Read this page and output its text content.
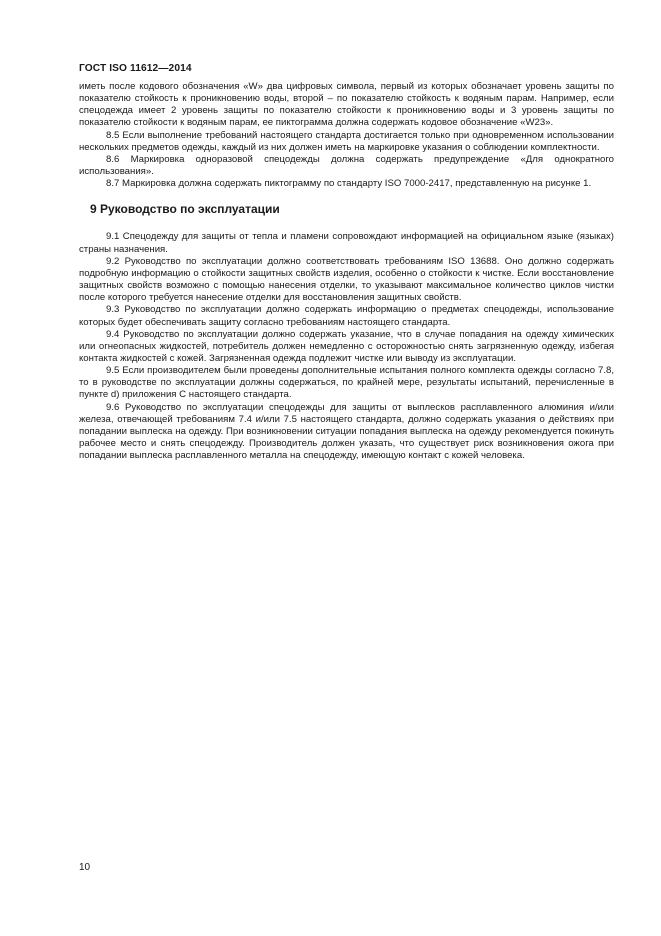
ГОСТ ISO 11612—2014

иметь после кодового обозначения «W» два цифровых символа, первый из которых обозначает уровень защиты по показателю стойкость к проникновению воды, второй – по показателю стойкость к водяным парам. Например, если спецодежда имеет 2 уровень защиты по показателю стойкости к проникновению воды и 3 уровень защиты по показателю стойкости к водяным парам, ее пиктограмма должна содержать кодовое обозначение «W23».

8.5 Если выполнение требований настоящего стандарта достигается только при одновременном использовании нескольких предметов одежды, каждый из них должен иметь на маркировке указания о соблюдении комплектности.

8.6 Маркировка одноразовой спецодежды должна содержать предупреждение «Для однократного использования».

8.7 Маркировка должна содержать пиктограмму по стандарту ISO 7000-2417, представленную на рисунке 1.

9 Руководство по эксплуатации

9.1 Спецодежду для защиты от тепла и пламени сопровождают информацией на официальном языке (языках) страны назначения.

9.2 Руководство по эксплуатации должно соответствовать требованиям ISO 13688. Оно должно содержать подробную информацию о стойкости защитных свойств изделия, особенно о стойкости к чистке. Если восстановление защитных свойств возможно с помощью нанесения отделки, то указывают максимальное количество циклов чистки после которого требуется нанесение отделки для восстановления защитных свойств.

9.3 Руководство по эксплуатации должно содержать информацию о предметах спецодежды, использование которых будет обеспечивать защиту согласно требованиям настоящего стандарта.

9.4 Руководство по эксплуатации должно содержать указание, что в случае попадания на одежду химических или огнеопасных жидкостей, потребитель должен немедленно с осторожностью снять загрязненную одежду, избегая контакта жидкостей с кожей. Загрязненная одежда подлежит чистке или выводу из эксплуатации.

9.5 Если производителем были проведены дополнительные испытания полного комплекта одежды согласно 7.8, то в руководстве по эксплуатации должны содержаться, по крайней мере, результаты испытаний, перечисленные в пункте d) приложения С настоящего стандарта.

9.6 Руководство по эксплуатации спецодежды для защиты от выплесков расплавленного алюминия и/или железа, отвечающей требованиям 7.4 и/или 7.5 настоящего стандарта, должно содержать указания о действиях при попадании выплеска на одежду. При возникновении ситуации попадания выплеска на одежду рекомендуется покинуть рабочее место и снять спецодежду. Производитель должен указать, что существует риск возникновения ожога при попадании выплеска расплавленного металла на спецодежду, имеющую контакт с кожей человека.

10
